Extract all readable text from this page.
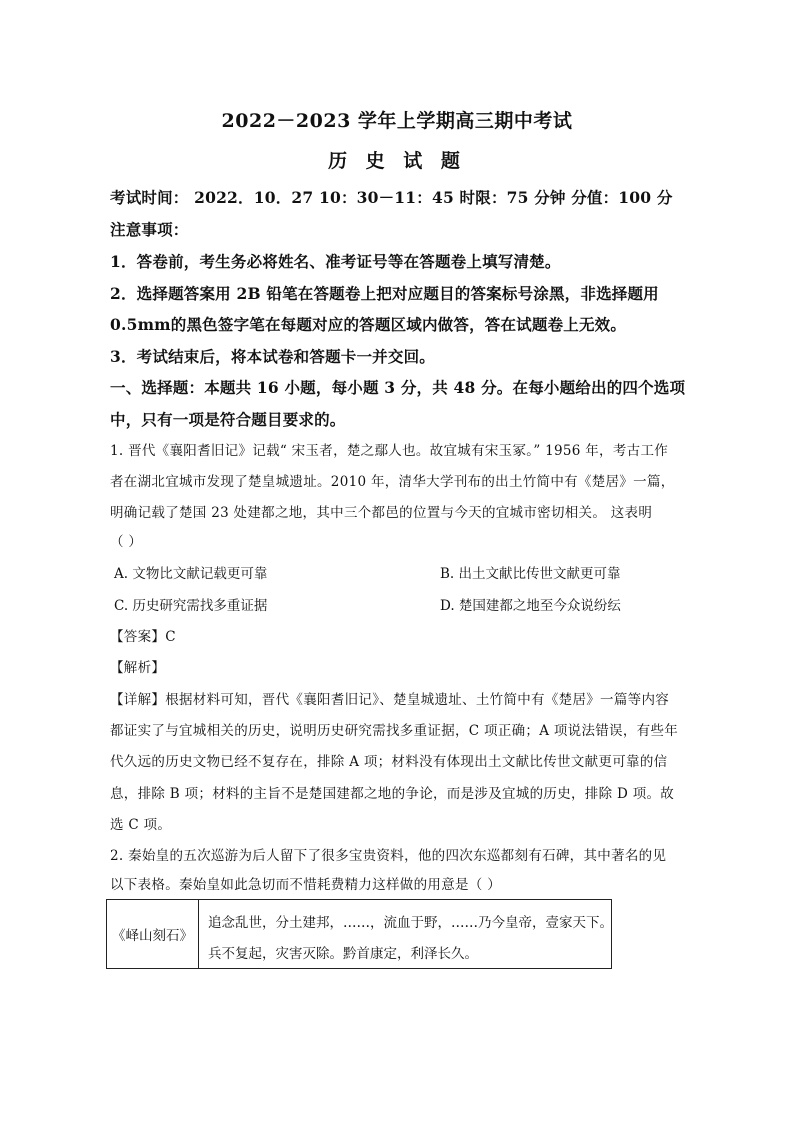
2022－2023 学年上学期高三期中考试
历 史 试 题
考试时间： 2022．10．27 10：30－11：45 时限：75 分钟 分值：100 分
注意事项：
1．答卷前，考生务必将姓名、准考证号等在答题卷上填写清楚。
2．选择题答案用 2B 铅笔在答题卷上把对应题目的答案标号涂黑，非选择题用
0.5mm的黑色签字笔在每题对应的答题区域内做答，答在试题卷上无效。
3．考试结束后，将本试卷和答题卡一并交回。
一、选择题：本题共 16 小题，每小题 3 分，共 48 分。在每小题给出的四个选项
中，只有一项是符合题目要求的。
1. 晋代《襄阳耆旧记》记载“ 宋玉者，楚之鄢人也。故宜城有宋玉冢。” 1956 年，考古工作
者在湖北宜城市发现了楚皇城遗址。2010 年，清华大学刊布的出土竹简中有《楚居》一篇，
明确记载了楚国 23 处建都之地，其中三个都邑的位置与今天的宜城市密切相关。 这表明
（ ）
A. 文物比文献记载更可靠	B. 出土文献比传世文献更可靠
C. 历史研究需找多重证据	D. 楚国建都之地至今众说纷纭
【答案】C
【解析】
【详解】根据材料可知，晋代《襄阳耆旧记》、楚皇城遗址、土竹简中有《楚居》一篇等内容
都证实了与宜城相关的历史，说明历史研究需找多重证据，C 项正确；A 项说法错误，有些年
代久远的历史文物已经不复存在，排除 A 项；材料没有体现出土文献比传世文献更可靠的信
息，排除 B 项；材料的主旨不是楚国建都之地的争论，而是涉及宜城的历史，排除 D 项。故
选 C 项。
2. 秦始皇的五次巡游为后人留下了很多宝贵资料，他的四次东巡都刻有石碑，其中著名的见
以下表格。秦始皇如此急切而不惜耗费精力这样做的用意是（ ）
《峄山刻石》
追念乱世，分土建邦，……，流血于野，……乃今皇帝，壹家天下。
兵不复起，灾害灭除。黔首康定，利泽长久。
